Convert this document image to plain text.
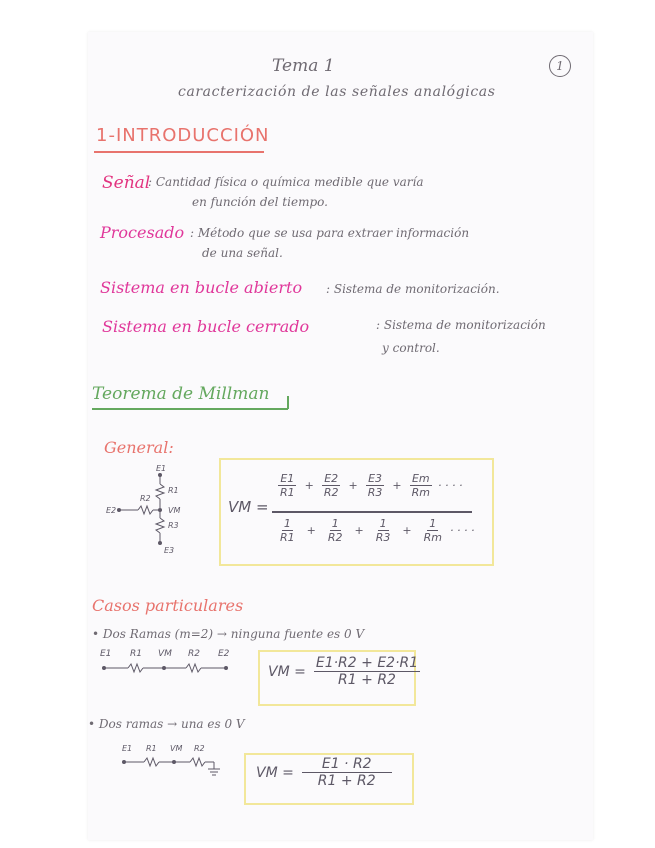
Tema 1
caracterización de las señales analógicas
1
1-INTRODUCCIÓN
Señal
: Cantidad física o química medible que varía
en función del tiempo.
Procesado : Método que se usa para extraer información
de una señal.
Sistema en bucle abierto : Sistema de monitorización.
Sistema en bucle cerrado	: Sistema de monitorización
y control.
Teorema de Millman
General:
E1
R1
E2
R2
VM
R3
E3
VM =
$\frac{E1}{R1} + \frac{E2}{R2} + \frac{E3}{R3} + \frac{Em}{Rm}$ · · · ·
$\frac{1}{R1} + \frac{1}{R2} + \frac{1}{R3} + \frac{1}{Rm}$ · · · ·
Casos particulares
• Dos Ramas (m=2) → ninguna fuente es 0 V
E1 R1 VM R2 E2
VM = $\frac{E1\cdot R2 + E2\cdot R1}{R1 + R2}$
• Dos ramas → una es 0 V
E1 R1 VM R2
VM = $\frac{E1 \cdot R2}{R1 + R2}$
